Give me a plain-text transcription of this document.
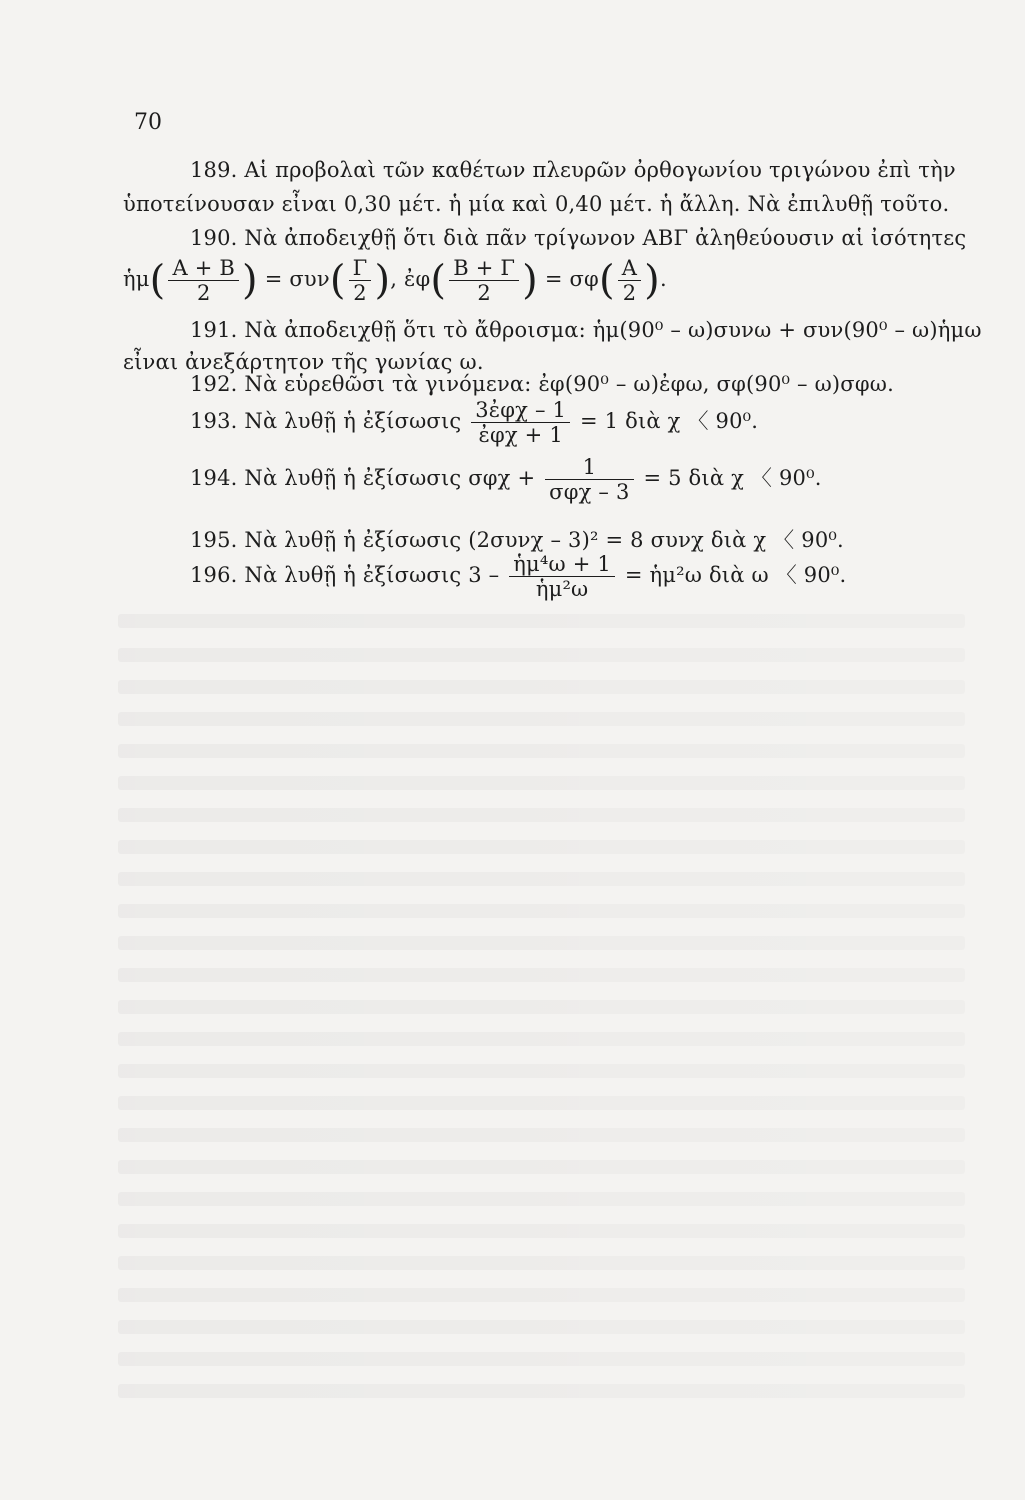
70
189. Αἱ προβολαὶ τῶν καθέτων πλευρῶν ὀρθογωνίου τριγώνου ἐπὶ τὴν
ὑποτείνουσαν εἶναι 0,30 μέτ. ἡ μία καὶ 0,40 μέτ. ἡ ἄλλη. Νὰ ἐπιλυθῇ τοῦτο.
190. Νὰ ἀποδειχθῇ ὅτι διὰ πᾶν τρίγωνον ΑΒΓ ἀληθεύουσιν αἱ ἰσότητες
ἡμ( $\frac{A + B}{2}$ ) = $\sigma\upsilon\nu( \frac{\Gamma}{2}$ ), ἐφ( $\frac{B + \Gamma}{2}$ ) = $\sigma\varphi( \frac{A}{2}$ ).
191. Νὰ ἀποδειχθῇ ὅτι τὸ ἄθροισμα: ἡμ(90⁰ – ω)συνω + συν(90⁰ – ω)ἡμω
εἶναι ἀνεξάρτητον τῆς γωνίας ω.
192. Νὰ εὑρεθῶσι τὰ γινόμενα: ἐφ(90⁰ – ω)ἐφω, σφ(90⁰ – ω)σφω.
193. Νὰ λυθῇ ἡ ἐξίσωσις $\frac{\text{3ἐφχ – 1}}{\text{ἐφχ + 1}} = 1$ διὰ χ 〈 90⁰.
194. Νὰ λυθῇ ἡ ἐξίσωσις $\sigma\varphi\chi + \frac{1}{\text{σφχ – 3}} = 5$ διὰ χ 〈 90⁰.
195. Νὰ λυθῇ ἡ ἐξίσωσις (2συνχ – 3)² = 8 συνχ διὰ χ 〈 90⁰.
196. Νὰ λυθῇ ἡ ἐξίσωσις $3 - \frac{\text{ἡμ⁴ω + 1}}{\text{ἡμ²ω}}$ = ἡμ²ω διὰ ω 〈 90⁰.
